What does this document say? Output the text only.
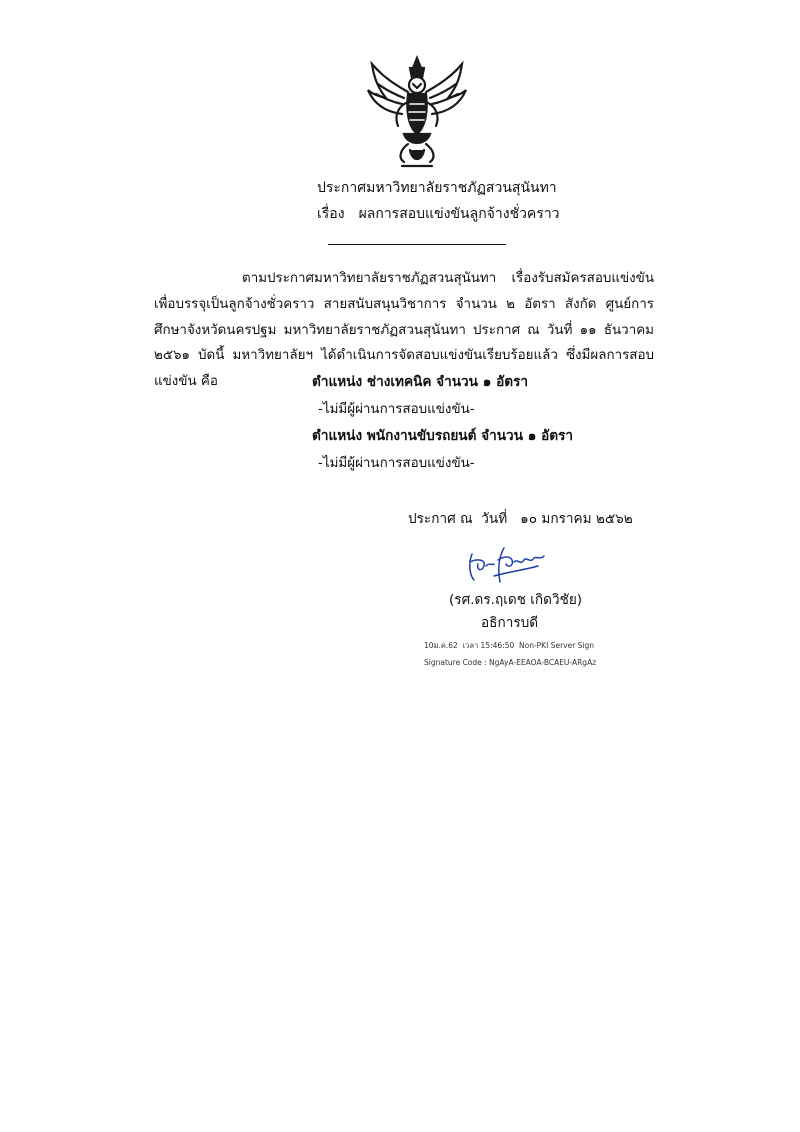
ประกาศมหาวิทยาลัยราชภัฏสวนสุนันทา
เรื่อง ผลการสอบแข่งขันลูกจ้างชั่วคราว

ตามประกาศมหาวิทยาลัยราชภัฏสวนสุนันทา เรื่องรับสมัครสอบแข่งขันเพื่อบรรจุเป็นลูกจ้างชั่วคราว สายสนับสนุนวิชาการ จำนวน ๒ อัตรา สังกัด ศูนย์การศึกษาจังหวัดนครปฐม มหาวิทยาลัยราชภัฏสวนสุนันทา ประกาศ ณ วันที่ ๑๑ ธันวาคม ๒๕๖๑ บัดนี้ มหาวิทยาลัยฯ ได้ดำเนินการจัดสอบแข่งขันเรียบร้อยแล้ว ซึ่งมีผลการสอบแข่งขัน คือ	ตำแหน่ง ช่างเทคนิค จำนวน ๑ อัตรา
-ไม่มีผู้ผ่านการสอบแข่งขัน-
ตำแหน่ง พนักงานขับรถยนต์ จำนวน ๑ อัตรา
-ไม่มีผู้ผ่านการสอบแข่งขัน-
ประกาศ ณ  วันที่   ๑๐ มกราคม ๒๕๖๒
(รศ.ดร.ฤเดช เกิดวิชัย)
อธิการบดี
10ม.ค.62  เวลา 15:46:50  Non-PKI Server Sign
Signature Code : NgAyA-EEAOA-BCAEU-ARgAz
